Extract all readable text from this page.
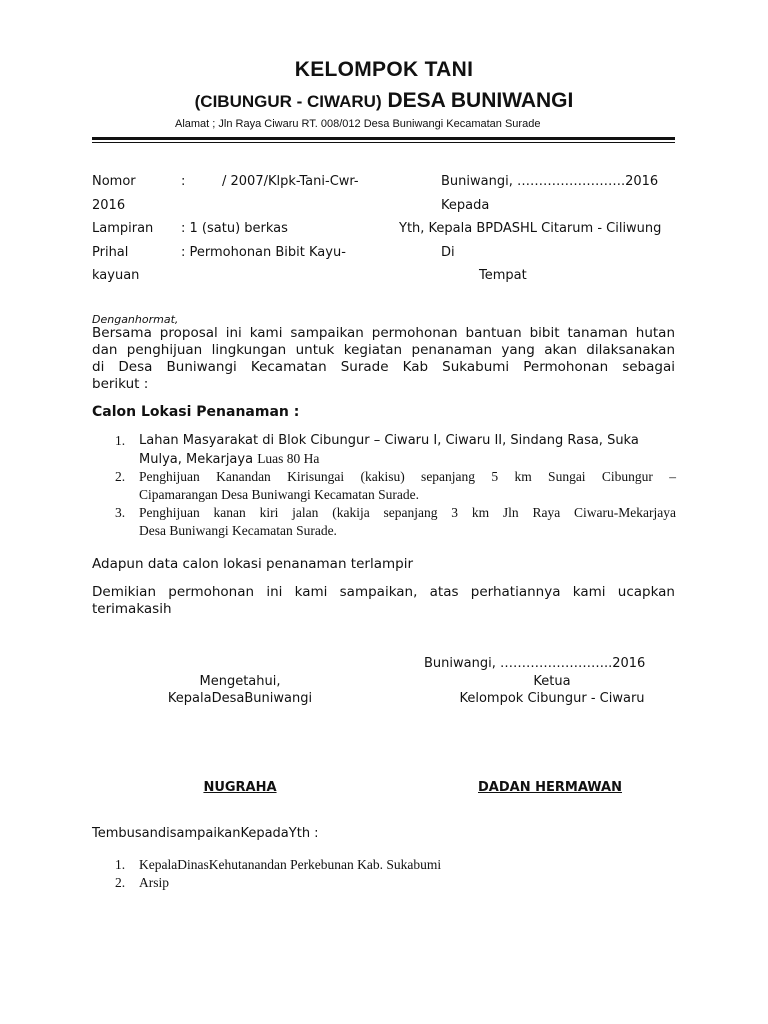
KELOMPOK TANI
(CIBUNGUR - CIWARU) DESA BUNIWANGI
Alamat ; Jln Raya Ciwaru RT. 008/012 Desa Buniwangi Kecamatan Surade
Nomor	:	/ 2007/Klpk-Tani-Cwr-
2016
Lampiran : 1 (satu) berkas
Prihal	: Permohonan Bibit Kayu-
kayuan
Buniwangi, …………………….2016
Kepada
Yth, Kepala BPDASHL Citarum - Ciliwung
Di
Tempat
Denganhormat,
Bersama proposal ini kami sampaikan permohonan bantuan bibit tanaman hutan
dan penghijuan lingkungan untuk kegiatan penanaman yang akan dilaksanakan
di Desa Buniwangi Kecamatan Surade Kab Sukabumi Permohonan sebagai
berikut :
Calon Lokasi Penanaman :
1. Lahan Masyarakat di Blok Cibungur – Ciwaru I, Ciwaru II, Sindang Rasa, Suka
Mulya, Mekarjaya Luas 80 Ha
2. Penghijuan Kanandan Kirisungai (kakisu) sepanjang 5 km Sungai Cibungur –
Cipamarangan Desa Buniwangi Kecamatan Surade.
3. Penghijuan kanan kiri jalan (kakija sepanjang 3 km Jln Raya Ciwaru-Mekarjaya
Desa Buniwangi Kecamatan Surade.
Adapun data calon lokasi penanaman terlampir
Demikian permohonan ini kami sampaikan, atas perhatiannya kami ucapkan
terimakasih
Buniwangi, ……………………..2016
Mengetahui,
KepalaDesaBuniwangi
Ketua
Kelompok Cibungur - Ciwaru
NUGRAHA	DADAN HERMAWAN
TembusandisampaikanKepadaYth :
1. KepalaDinasKehutanandan Perkebunan Kab. Sukabumi
2. Arsip
